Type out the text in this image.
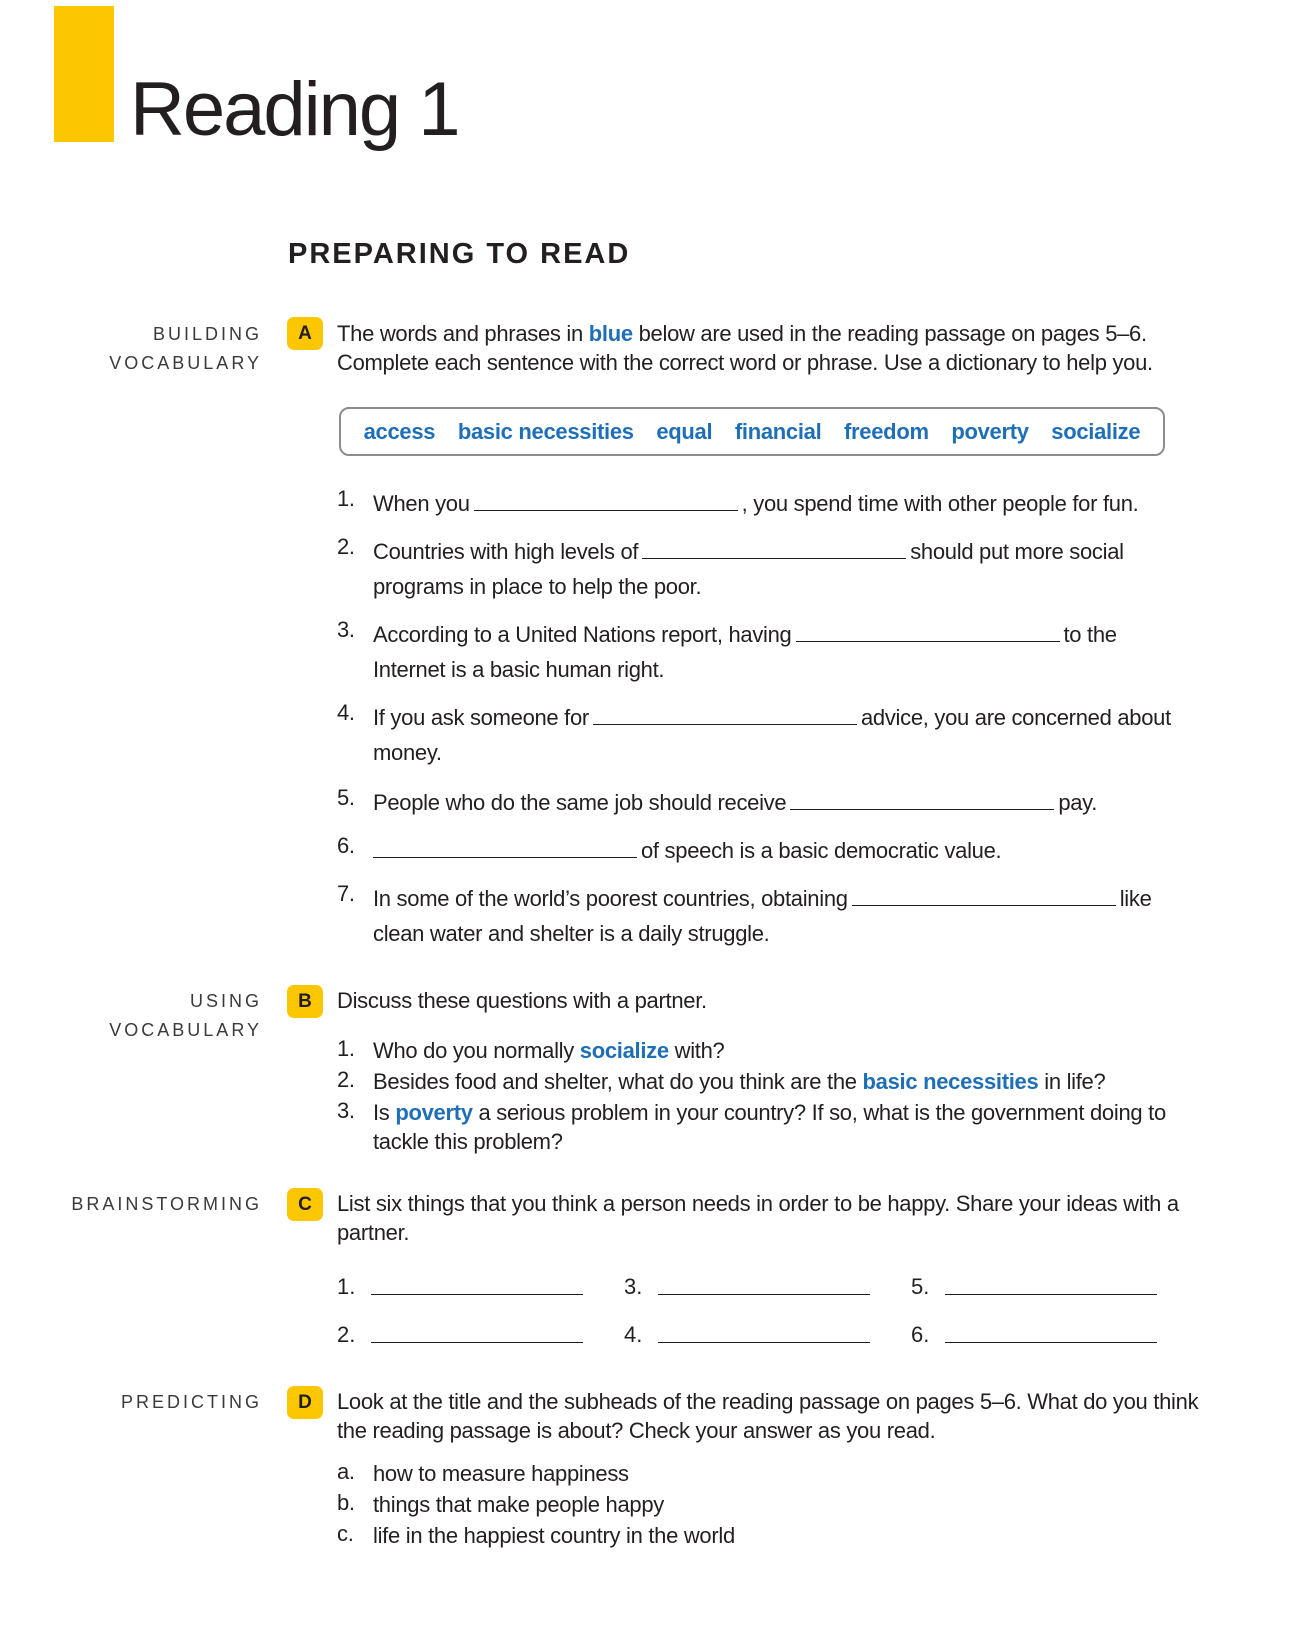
Reading 1
PREPARING TO READ
BUILDING
VOCABULARY
A	The words and phrases in blue below are used in the reading passage on pages 5–6. Complete each sentence with the correct word or phrase. Use a dictionary to help you.
access basic necessities equal financial freedom poverty socialize
1. When you	, you spend time with other people for fun.
2. Countries with high levels of	should put more social programs in place to help the poor.
3. According to a United Nations report, having	to the Internet is a basic human right.
4. If you ask someone for	advice, you are concerned about money.
5. People who do the same job should receive	pay.
6.	of speech is a basic democratic value.
7. In some of the world’s poorest countries, obtaining	like clean water and shelter is a daily struggle.
USING
VOCABULARY
B	Discuss these questions with a partner.
1. Who do you normally socialize with?
2. Besides food and shelter, what do you think are the basic necessities in life?
3. Is poverty a serious problem in your country? If so, what is the government doing to tackle this problem?
BRAINSTORMING	C	List six things that you think a person needs in order to be happy. Share your ideas with a partner.
1.	3.	5.
2.	4.	6.
PREDICTING	D	Look at the title and the subheads of the reading passage on pages 5–6. What do you think the reading passage is about? Check your answer as you read.
a. how to measure happiness
b. things that make people happy
c. life in the happiest country in the world
